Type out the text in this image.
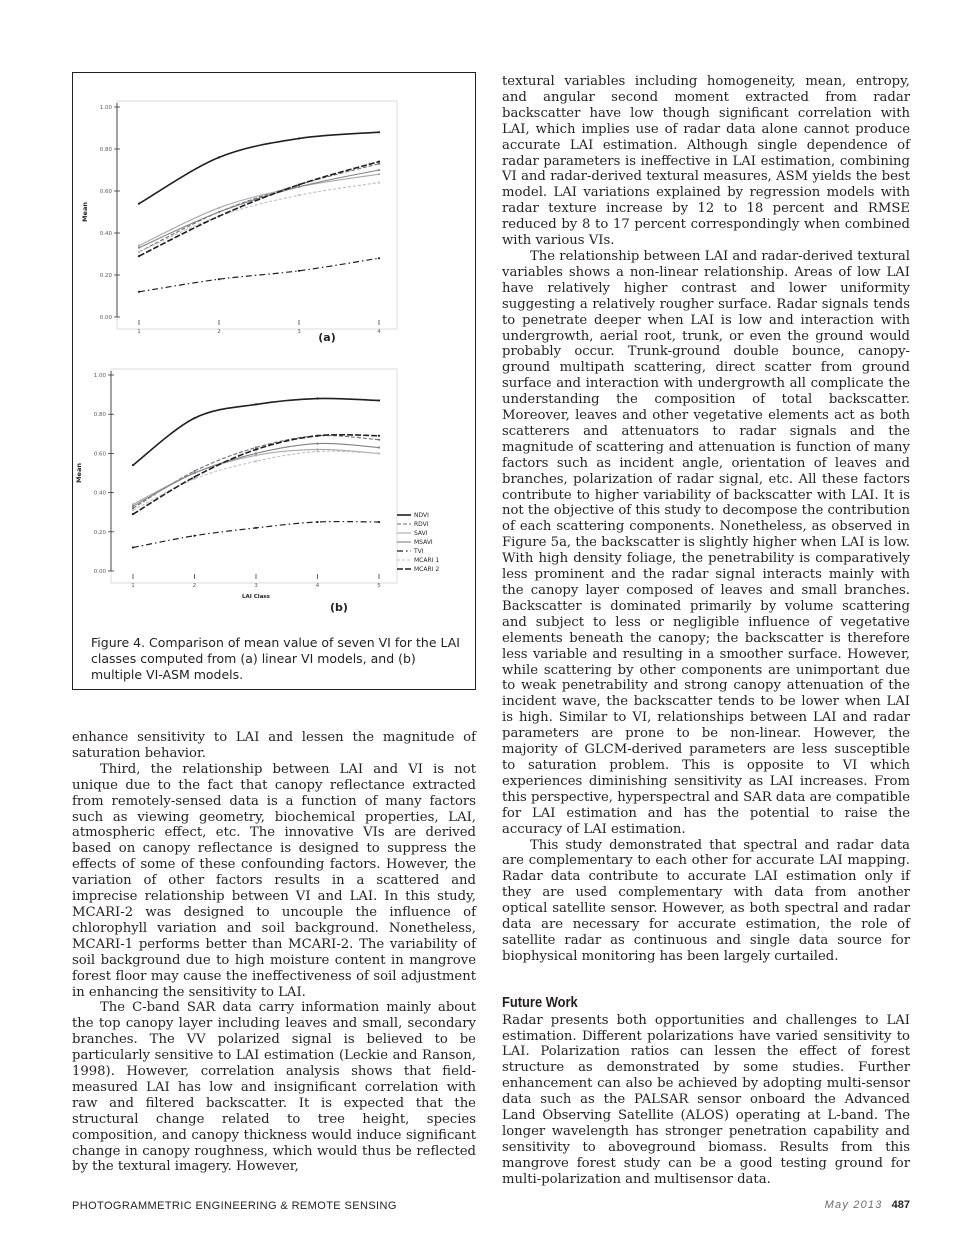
0.00
0.20
0.40
0.60
0.80
1.00
Mean
1	2	3	4
(a)
0.00
0.20
0.40
0.60
0.80
1.00
Mean
1	2	3	4	5
LAI Class
NDVI
RDVI
SAVI
MSAVI
TVI
MCARI 1
MCARI 2
(b)
Figure 4. Comparison of mean value of seven VI for the LAI classes computed from (a) linear VI models, and (b) multiple VI-ASM models.

enhance sensitivity to LAI and lessen the magnitude of saturation behavior.

Third, the relationship between LAI and VI is not unique due to the fact that canopy reflectance extracted from remotely-sensed data is a function of many factors such as viewing geometry, biochemical properties, LAI, atmospheric effect, etc. The innovative VIs are derived based on canopy reflectance is designed to suppress the effects of some of these confounding factors. However, the variation of other factors results in a scattered and imprecise relationship between VI and LAI. In this study, MCARI-2 was designed to uncouple the influence of chlorophyll variation and soil background. Nonetheless, MCARI-1 performs better than MCARI-2. The variability of soil background due to high moisture content in mangrove forest floor may cause the ineffectiveness of soil adjustment in enhancing the sensitivity to LAI.

The C-band SAR data carry information mainly about the top canopy layer including leaves and small, secondary branches. The VV polarized signal is believed to be particularly sensitive to LAI estimation (Leckie and Ranson, 1998). However, correlation analysis shows that field-measured LAI has low and insignificant correlation with raw and filtered backscatter. It is expected that the structural change related to tree height, species composition, and canopy thickness would induce significant change in canopy roughness, which would thus be reflected by the textural imagery. However,

textural variables including homogeneity, mean, entropy, and angular second moment extracted from radar backscatter have low though significant correlation with LAI, which implies use of radar data alone cannot produce accurate LAI estimation. Although single dependence of radar parameters is ineffective in LAI estimation, combining VI and radar-derived textural measures, ASM yields the best model. LAI variations explained by regression models with radar texture increase by 12 to 18 percent and RMSE reduced by 8 to 17 percent correspondingly when combined with various VIs.

The relationship between LAI and radar-derived textural variables shows a non-linear relationship. Areas of low LAI have relatively higher contrast and lower uniformity suggesting a relatively rougher surface. Radar signals tends to penetrate deeper when LAI is low and interaction with undergrowth, aerial root, trunk, or even the ground would probably occur. Trunk-ground double bounce, canopy-ground multipath scattering, direct scatter from ground surface and interaction with undergrowth all complicate the understanding the composition of total backscatter. Moreover, leaves and other vegetative elements act as both scatterers and attenuators to radar signals and the magnitude of scattering and attenuation is function of many factors such as incident angle, orientation of leaves and branches, polarization of radar signal, etc. All these factors contribute to higher variability of backscatter with LAI. It is not the objective of this study to decompose the contribution of each scattering components. Nonetheless, as observed in Figure 5a, the backscatter is slightly higher when LAI is low. With high density foliage, the penetrability is comparatively less prominent and the radar signal interacts mainly with the canopy layer composed of leaves and small branches. Backscatter is dominated primarily by volume scattering and subject to less or negligible influence of vegetative elements beneath the canopy; the backscatter is therefore less variable and resulting in a smoother surface. However, while scattering by other components are unimportant due to weak penetrability and strong canopy attenuation of the incident wave, the backscatter tends to be lower when LAI is high. Similar to VI, relationships between LAI and radar parameters are prone to be non-linear. However, the majority of GLCM-derived parameters are less susceptible to saturation problem. This is opposite to VI which experiences diminishing sensitivity as LAI increases. From this perspective, hyperspectral and SAR data are compatible for LAI estimation and has the potential to raise the accuracy of LAI estimation.

This study demonstrated that spectral and radar data are complementary to each other for accurate LAI mapping. Radar data contribute to accurate LAI estimation only if they are used complementary with data from another optical satellite sensor. However, as both spectral and radar data are necessary for accurate estimation, the role of satellite radar as continuous and single data source for biophysical monitoring has been largely curtailed.

Future Work

Radar presents both opportunities and challenges to LAI estimation. Different polarizations have varied sensitivity to LAI. Polarization ratios can lessen the effect of forest structure as demonstrated by some studies. Further enhancement can also be achieved by adopting multi-sensor data such as the PALSAR sensor onboard the Advanced Land Observing Satellite (ALOS) operating at L-band. The longer wavelength has stronger penetration capability and sensitivity to aboveground biomass. Results from this mangrove forest study can be a good testing ground for multi-polarization and multisensor data.

PHOTOGRAMMETRIC ENGINEERING & REMOTE SENSING	May 2013 487
